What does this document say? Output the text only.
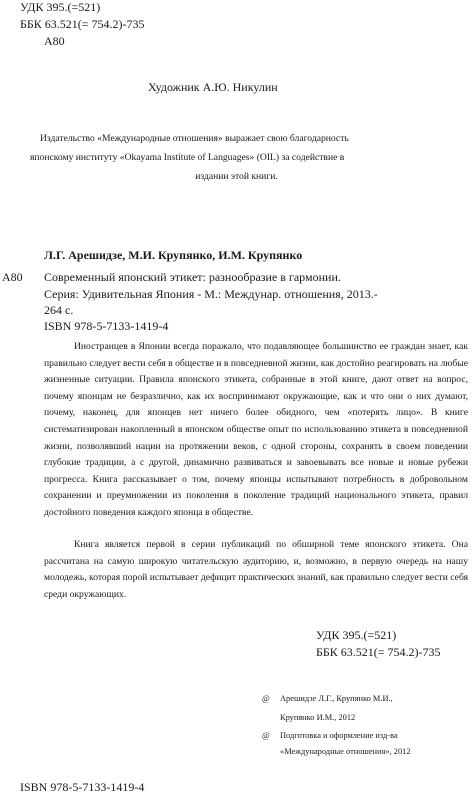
УДК 395.(=521)
ББК 63.521(= 754.2)-735
А80
Художник А.Ю. Никулин
Издательство «Международные отношения» выражает свою благодарность
японскому институту «Okayama Institute of Languages» (OIL) за содействие в
издании этой книги.
Л.Г. Арешидзе, М.И. Крупянко, И.М. Крупянко
А80 Современный японский этикет: разнообразие в гармонии.
Серия: Удивительная Япония - М.: Междунар. отношения, 2013.-
264 с.
ISBN 978-5-7133-1419-4
Иностранцев в Японии всегда поражало, что подавляющее большинство ее граждан знает, как правильно следует вести себя в обществе и в повседневной жизни, как достойно реагировать на любые жизненные ситуации. Правила японского этикета, собранные в этой книге, дают ответ на вопрос, почему японцам не безразлично, как их воспринимают окружающие, как и что они о них думают, почему, наконец, для японцев нет ничего более обидного, чем «потерять лицо». В книге систематизирован накопленный в японском обществе опыт по использованию этикета в повседневной жизни, позволявший нации на протяжении веков, с одной стороны, сохранять в своем поведении глубокие традиции, а с другой, динамично развиваться и завоевывать все новые и новые рубежи прогресса. Книга рассказывает о том, почему японцы испытывают потребность в добровольном сохранении и преумножении из поколения в поколение традиций национального этикета, правил достойного поведения каждого японца в обществе.
Книга является первой в серии публикаций по обширной теме японского этикета. Она рассчитана на самую широкую читательскую аудиторию, и, возможно, в первую очередь на нашу молодежь, которая порой испытывает дефицит практических знаний, как правильно следует вести себя среди окружающих.
УДК 395.(=521)
ББК 63.521(= 754.2)-735
@ Арешидзе Л.Г., Крупянко М.И.,
Крупянко И.М., 2012
@ Подготовка и оформление изд-ва
«Международные отношения», 2012
ISBN 978-5-7133-1419-4
